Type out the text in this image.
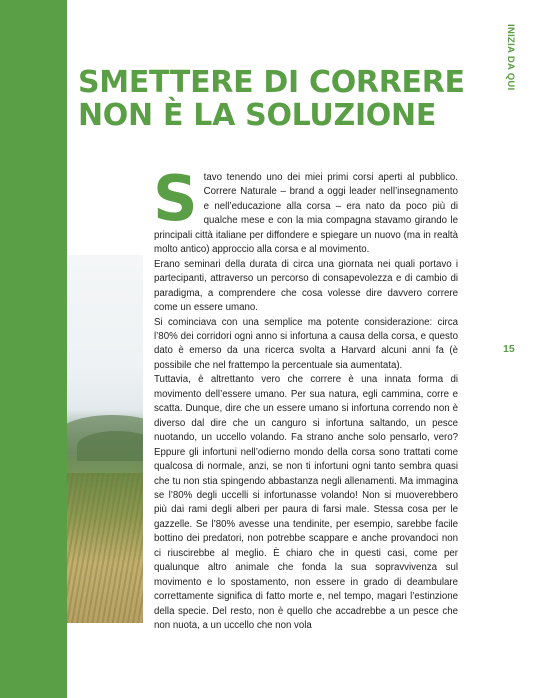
INIZIA DA QUI
15
SMETTERE DI CORRERE
NON È LA SOLUZIONE
S tavo tenendo uno dei miei primi corsi aperti al pubblico. Correre Naturale – brand a oggi leader nell’insegnamento e nell’educazione alla corsa – era nato da poco più di qualche mese e con la mia compagna stavamo girando le principali città italiane per diffondere e spiegare un nuovo (ma in realtà molto antico) approccio alla corsa e al movimento.

Erano seminari della durata di circa una giornata nei quali portavo i partecipanti, attraverso un percorso di consapevolezza e di cambio di paradigma, a comprendere che cosa volesse dire davvero correre come un essere umano.

Si cominciava con una semplice ma potente considerazione: circa l’80% dei corridori ogni anno si infortuna a causa della corsa, e questo dato è emerso da una ricerca svolta a Harvard alcuni anni fa (è possibile che nel frattempo la percentuale sia aumentata).

Tuttavia, è altrettanto vero che correre è una innata forma di movimento dell’essere umano. Per sua natura, egli cammina, corre e scatta. Dunque, dire che un essere umano si infortuna correndo non è diverso dal dire che un canguro si infortuna saltando, un pesce nuotando, un uccello volando. Fa strano anche solo pensarlo, vero? Eppure gli infortuni nell’odierno mondo della corsa sono trattati come qualcosa di normale, anzi, se non ti infortuni ogni tanto sembra quasi che tu non stia spingendo abbastanza negli allenamenti. Ma immagina se l’80% degli uccelli si infortunasse volando! Non si muoverebbero più dai rami degli alberi per paura di farsi male. Stessa cosa per le gazzelle. Se l’80% avesse una tendinite, per esempio, sarebbe facile bottino dei predatori, non potrebbe scappare e anche provandoci non ci riuscirebbe al meglio. È chiaro che in questi casi, come per qualunque altro animale che fonda la sua sopravvivenza sul movimento e lo spostamento, non essere in grado di deambulare correttamente significa di fatto morte e, nel tempo, magari l’estinzione della specie. Del resto, non è quello che accadrebbe a un pesce che non nuota, a un uccello che non vola
